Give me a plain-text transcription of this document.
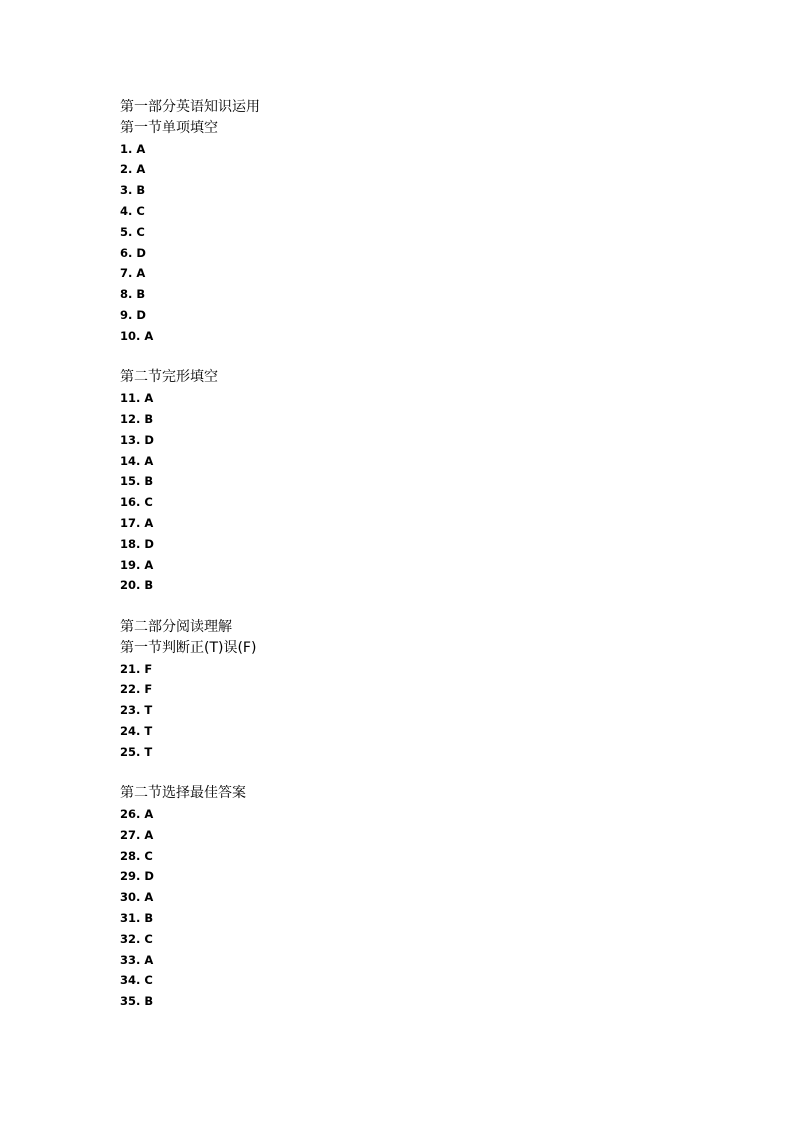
第一部分英语知识运用
第一节单项填空
1. A
2. A
3. B
4. C
5. C
6. D
7. A
8. B
9. D
10. A
第二节完形填空
11. A
12. B
13. D
14. A
15. B
16. C
17. A
18. D
19. A
20. B
第二部分阅读理解
第一节判断正(T)误(F)
21. F
22. F
23. T
24. T
25. T
第二节选择最佳答案
26. A
27. A
28. C
29. D
30. A
31. B
32. C
33. A
34. C
35. B
